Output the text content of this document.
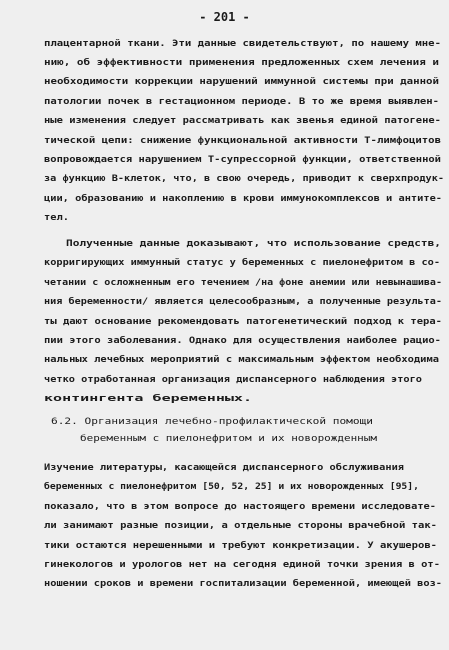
- 201 -
плацентарной ткани. Эти данные свидетельствуют, по нашему мне-
нию, об эффективности применения предложенных схем лечения и
необходимости коррекции нарушений иммунной системы при данной
патологии почек в гестационном периоде. В то же время выявлен-
ные изменения следует рассматривать как звенья единой патогене-
тической цепи: снижение функциональной активности Т-лимфоцитов
вопровождается нарушением Т-супрессорной функции, ответственной
за функцию В-клеток, что, в свою очередь, приводит к сверхпродук-
ции, образованию и накоплению в крови иммунокомплексов и антите-
тел.
Полученные данные доказывают, что использование средств,
корригирующих иммунный статус у беременных с пиелонефритом в со-
четании с осложненным его течением /на фоне анемии или невынашива-
ния беременности/ является целесообразным, а полученные результа-
ты дают основание рекомендовать патогенетический подход к тера-
пии этого заболевания. Однако для осуществления наиболее рацио-
нальных лечебных мероприятий с максимальным эффектом необходима
четко отработанная организация диспансерного наблюдения этого
контингента беременных.
6.2. Организация лечебно-профилактической помощи
беременным с пиелонефритом и их новорожденным
Изучение литературы, касающейся диспансерного обслуживания
беременных с пиелонефритом [50, 52, 25] и их новорожденных [95],
показало, что в этом вопросе до настоящего времени исследовате-
ли занимают разные позиции, а отдельные стороны врачебной так-
тики остаются нерешенными и требуют конкретизации. У акушеров-
гинекологов и урологов нет на сегодня единой точки зрения в от-
ношении сроков и времени госпитализации беременной, имеющей воз-
